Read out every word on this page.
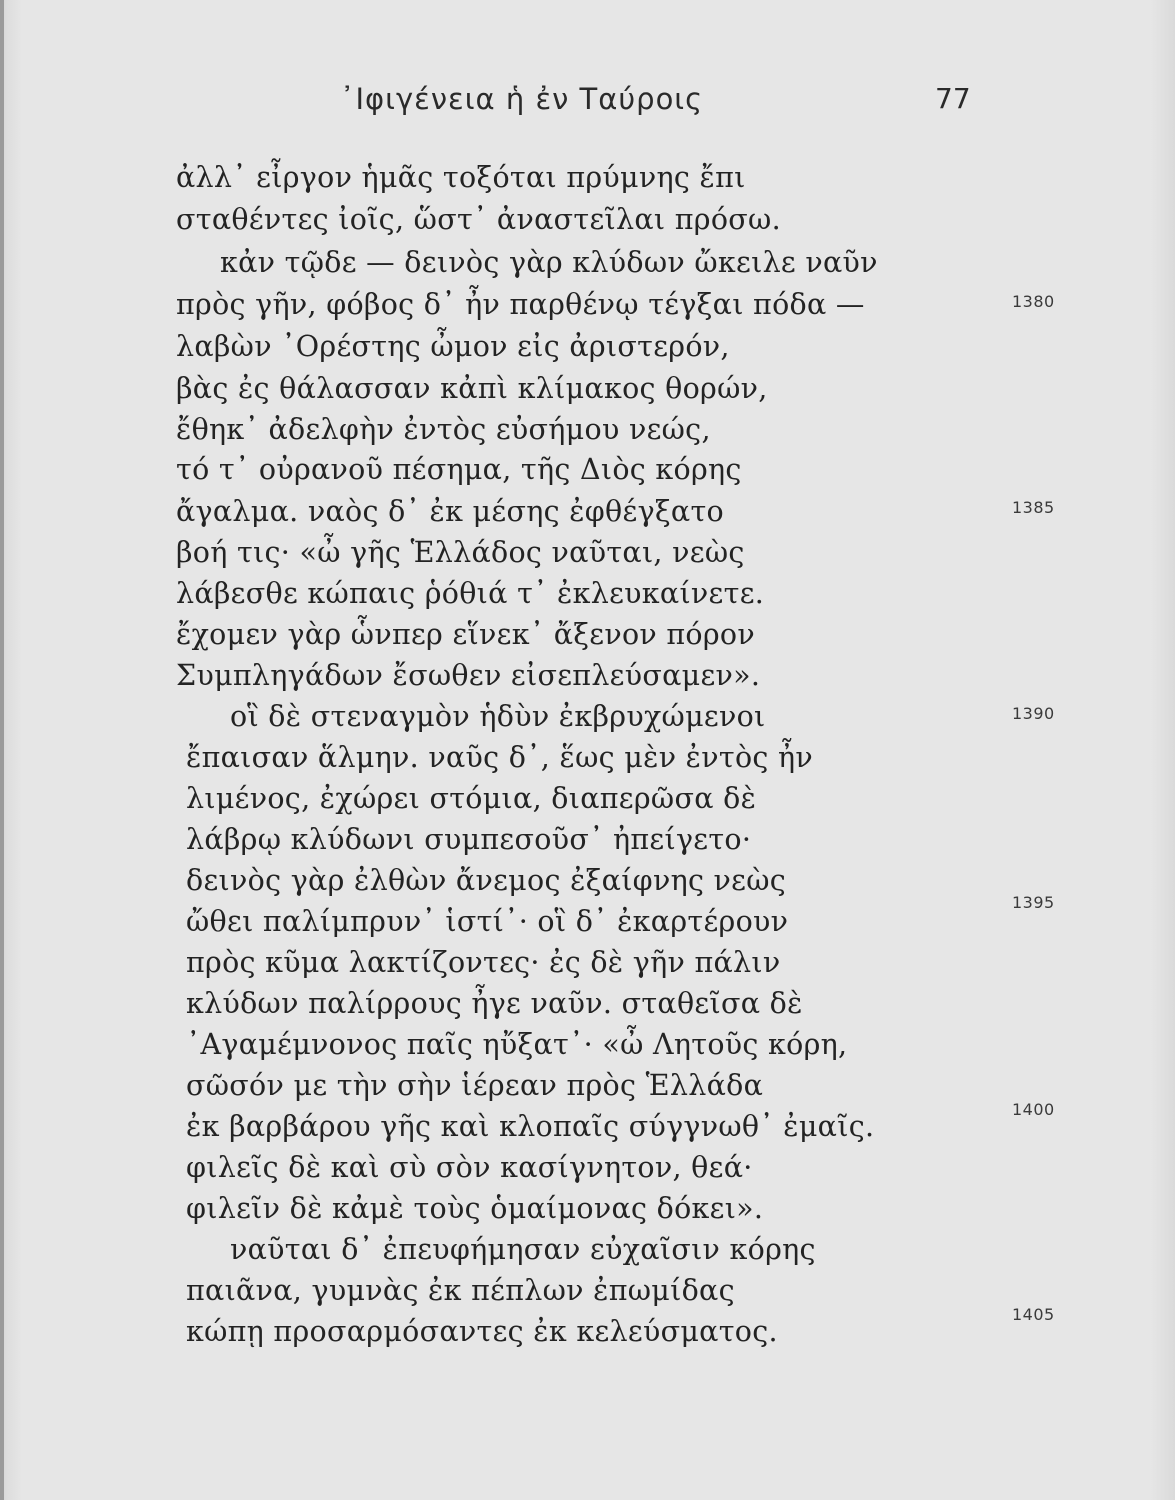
᾿Ιφιγένεια ἡ ἐν Ταύροις	77
ἀλλ᾿ εἶργον ἡμᾶς τοξόται πρύμνης ἔπι
σταθέντες ἰοῖς, ὥστ᾿ ἀναστεῖλαι πρόσω.
κἀν τῷδε — δεινὸς γὰρ κλύδων ὤκειλε ναῦν
πρὸς γῆν, φόβος δ᾿ ἦν παρθένῳ τέγξαι πόδα —
λαβὼν ᾿Ορέστης ὦμον εἰς ἀριστερόν,
βὰς ἐς θάλασσαν κἀπὶ κλίμακος θορών,
ἔθηκ᾿ ἀδελφὴν ἐντὸς εὐσήμου νεώς,
τό τ᾿ οὐρανοῦ πέσημα, τῆς Διὸς κόρης
ἄγαλμα. ναὸς δ᾿ ἐκ μέσης ἐφθέγξατο
βοή τις· «ὦ γῆς Ἑλλάδος ναῦται, νεὼς
λάβεσθε κώπαις ῥόθιά τ᾿ ἐκλευκαίνετε.
ἔχομεν γὰρ ὧνπερ εἵνεκ᾿ ἄξενον πόρον
Συμπληγάδων ἔσωθεν εἰσεπλεύσαμεν».
οἳ δὲ στεναγμὸν ἡδὺν ἐκβρυχώμενοι
ἔπαισαν ἅλμην. ναῦς δ᾿, ἕως μὲν ἐντὸς ἦν
λιμένος, ἐχώρει στόμια, διαπερῶσα δὲ
λάβρῳ κλύδωνι συμπεσοῦσ᾿ ἠπείγετο·
δεινὸς γὰρ ἐλθὼν ἄνεμος ἐξαίφνης νεὼς
ὤθει παλίμπρυν᾿ ἱστί᾿· οἳ δ᾿ ἐκαρτέρουν
πρὸς κῦμα λακτίζοντες· ἐς δὲ γῆν πάλιν
κλύδων παλίρρους ἦγε ναῦν. σταθεῖσα δὲ
᾿Αγαμέμνονος παῖς ηὔξατ᾿· «ὦ Λητοῦς κόρη,
σῶσόν με τὴν σὴν ἱέρεαν πρὸς Ἑλλάδα
ἐκ βαρβάρου γῆς καὶ κλοπαῖς σύγγνωθ᾿ ἐμαῖς.
φιλεῖς δὲ καὶ σὺ σὸν κασίγνητον, θεά·
φιλεῖν δὲ κἀμὲ τοὺς ὁμαίμονας δόκει».
ναῦται δ᾿ ἐπευφήμησαν εὐχαῖσιν κόρης
παιᾶνα, γυμνὰς ἐκ πέπλων ἐπωμίδας
κώπῃ προσαρμόσαντες ἐκ κελεύσματος.
1380
1385
1390
1395
1400
1405
